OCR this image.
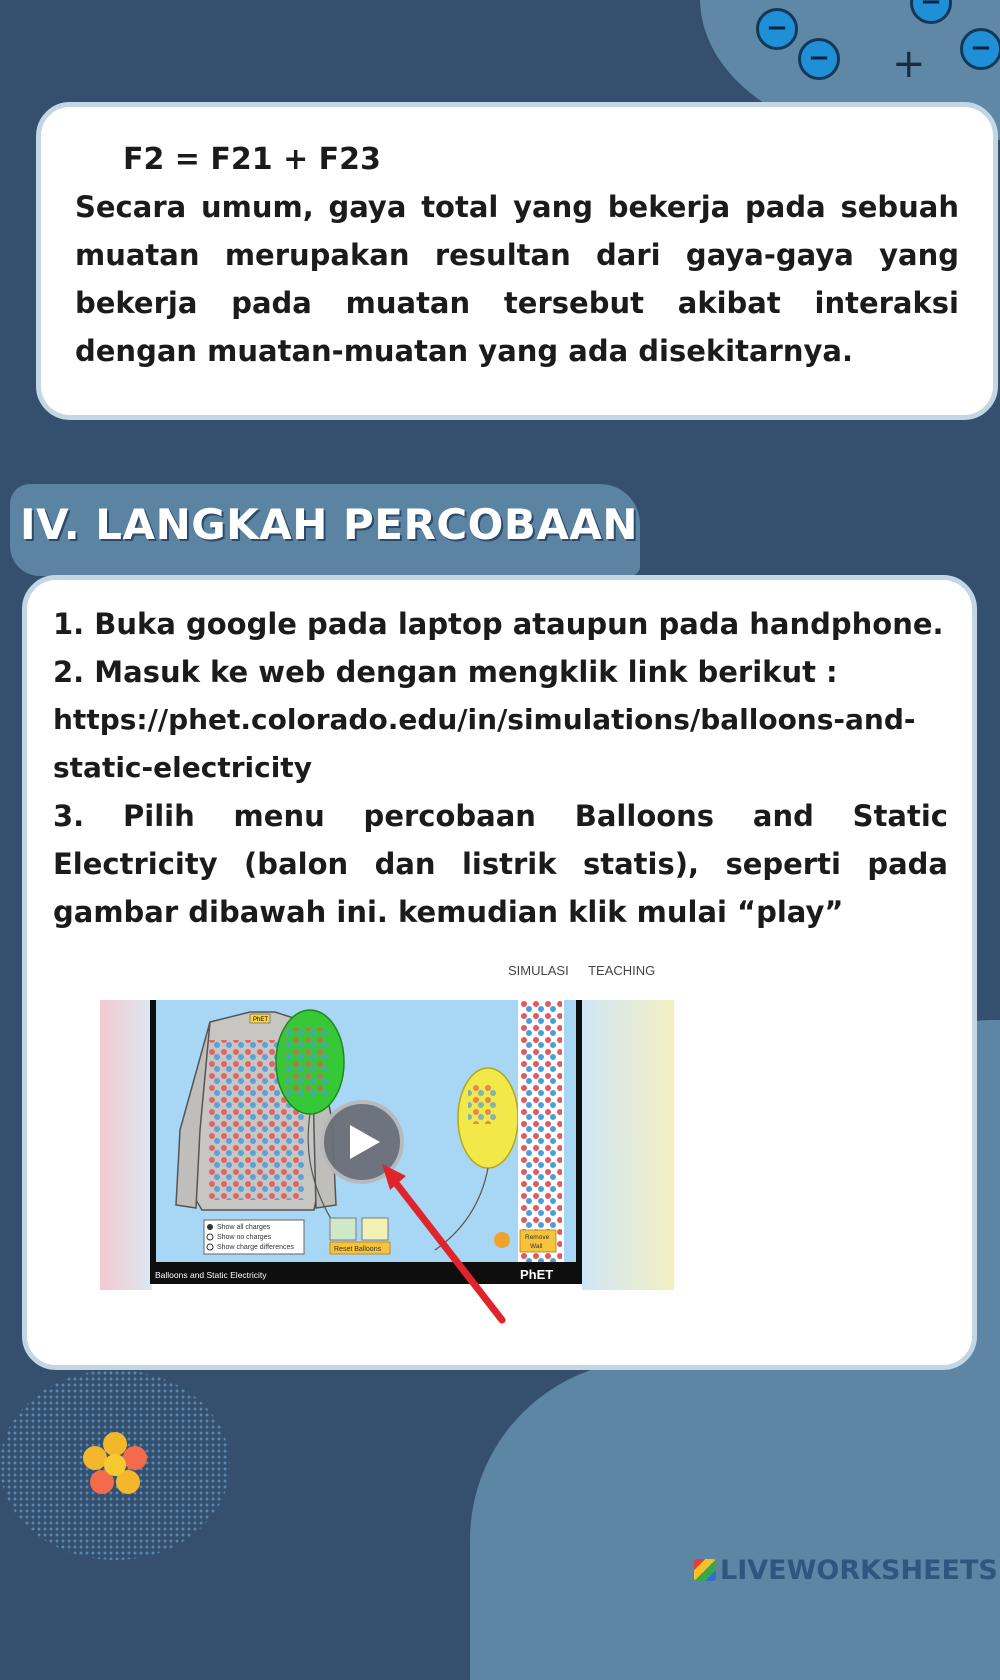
−
−
−
−
+

F2 = F21 + F23

Secara umum, gaya total yang bekerja pada sebuah muatan merupakan resultan dari gaya-gaya yang bekerja pada muatan tersebut akibat interaksi dengan muatan-muatan yang ada disekitarnya.

IV. LANGKAH PERCOBAAN

1. Buka google pada laptop ataupun pada handphone.

2. Masuk ke web dengan mengklik link berikut :

https://phet.colorado.edu/in/simulations/balloons-and-
static-electricity

3. Pilih menu percobaan Balloons and Static Electricity (balon dan listrik statis), seperti pada gambar dibawah ini. kemudian klik mulai “play”

SIMULASI TEACHING
PhET
Show all charges
Show no charges
Show charge differences	Reset Balloons
Remove
Wall
Balloons and Static Electricity	PhET
LIVEWORKSHEETS
